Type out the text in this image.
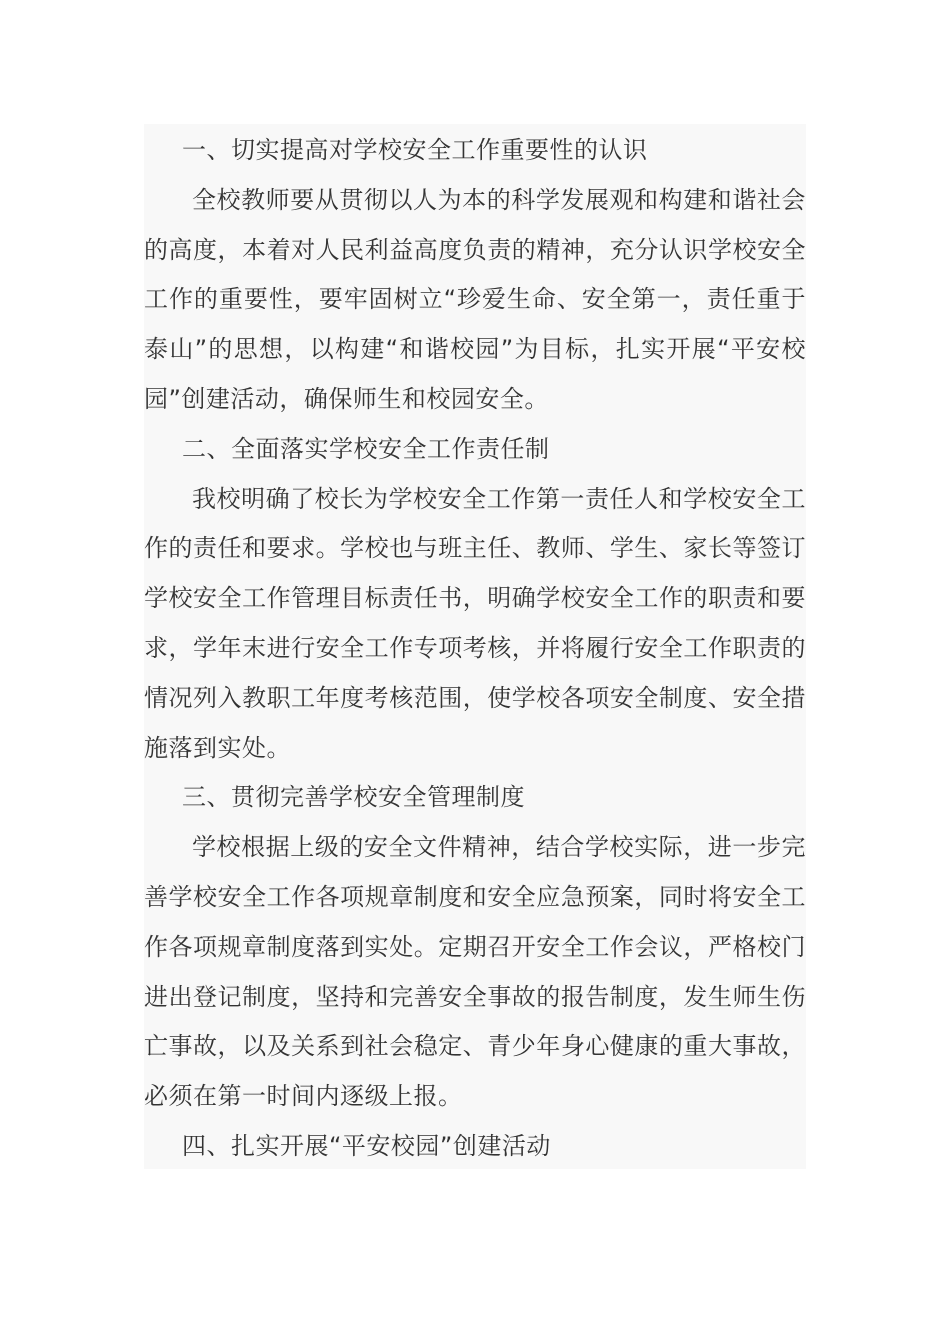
一、切实提高对学校安全工作重要性的认识

全校教师要从贯彻以人为本的科学发展观和构建和谐社会的高度，本着对人民利益高度负责的精神，充分认识学校安全工作的重要性，要牢固树立“珍爱生命、安全第一，责任重于泰山”的思想，以构建“和谐校园”为目标，扎实开展“平安校园”创建活动，确保师生和校园安全。

二、全面落实学校安全工作责任制

我校明确了校长为学校安全工作第一责任人和学校安全工作的责任和要求。学校也与班主任、教师、学生、家长等签订学校安全工作管理目标责任书，明确学校安全工作的职责和要求，学年末进行安全工作专项考核，并将履行安全工作职责的情况列入教职工年度考核范围，使学校各项安全制度、安全措施落到实处。

三、贯彻完善学校安全管理制度

学校根据上级的安全文件精神，结合学校实际，进一步完善学校安全工作各项规章制度和安全应急预案，同时将安全工作各项规章制度落到实处。定期召开安全工作会议，严格校门进出登记制度，坚持和完善安全事故的报告制度，发生师生伤亡事故，以及关系到社会稳定、青少年身心健康的重大事故，必须在第一时间内逐级上报。

四、扎实开展“平安校园”创建活动
